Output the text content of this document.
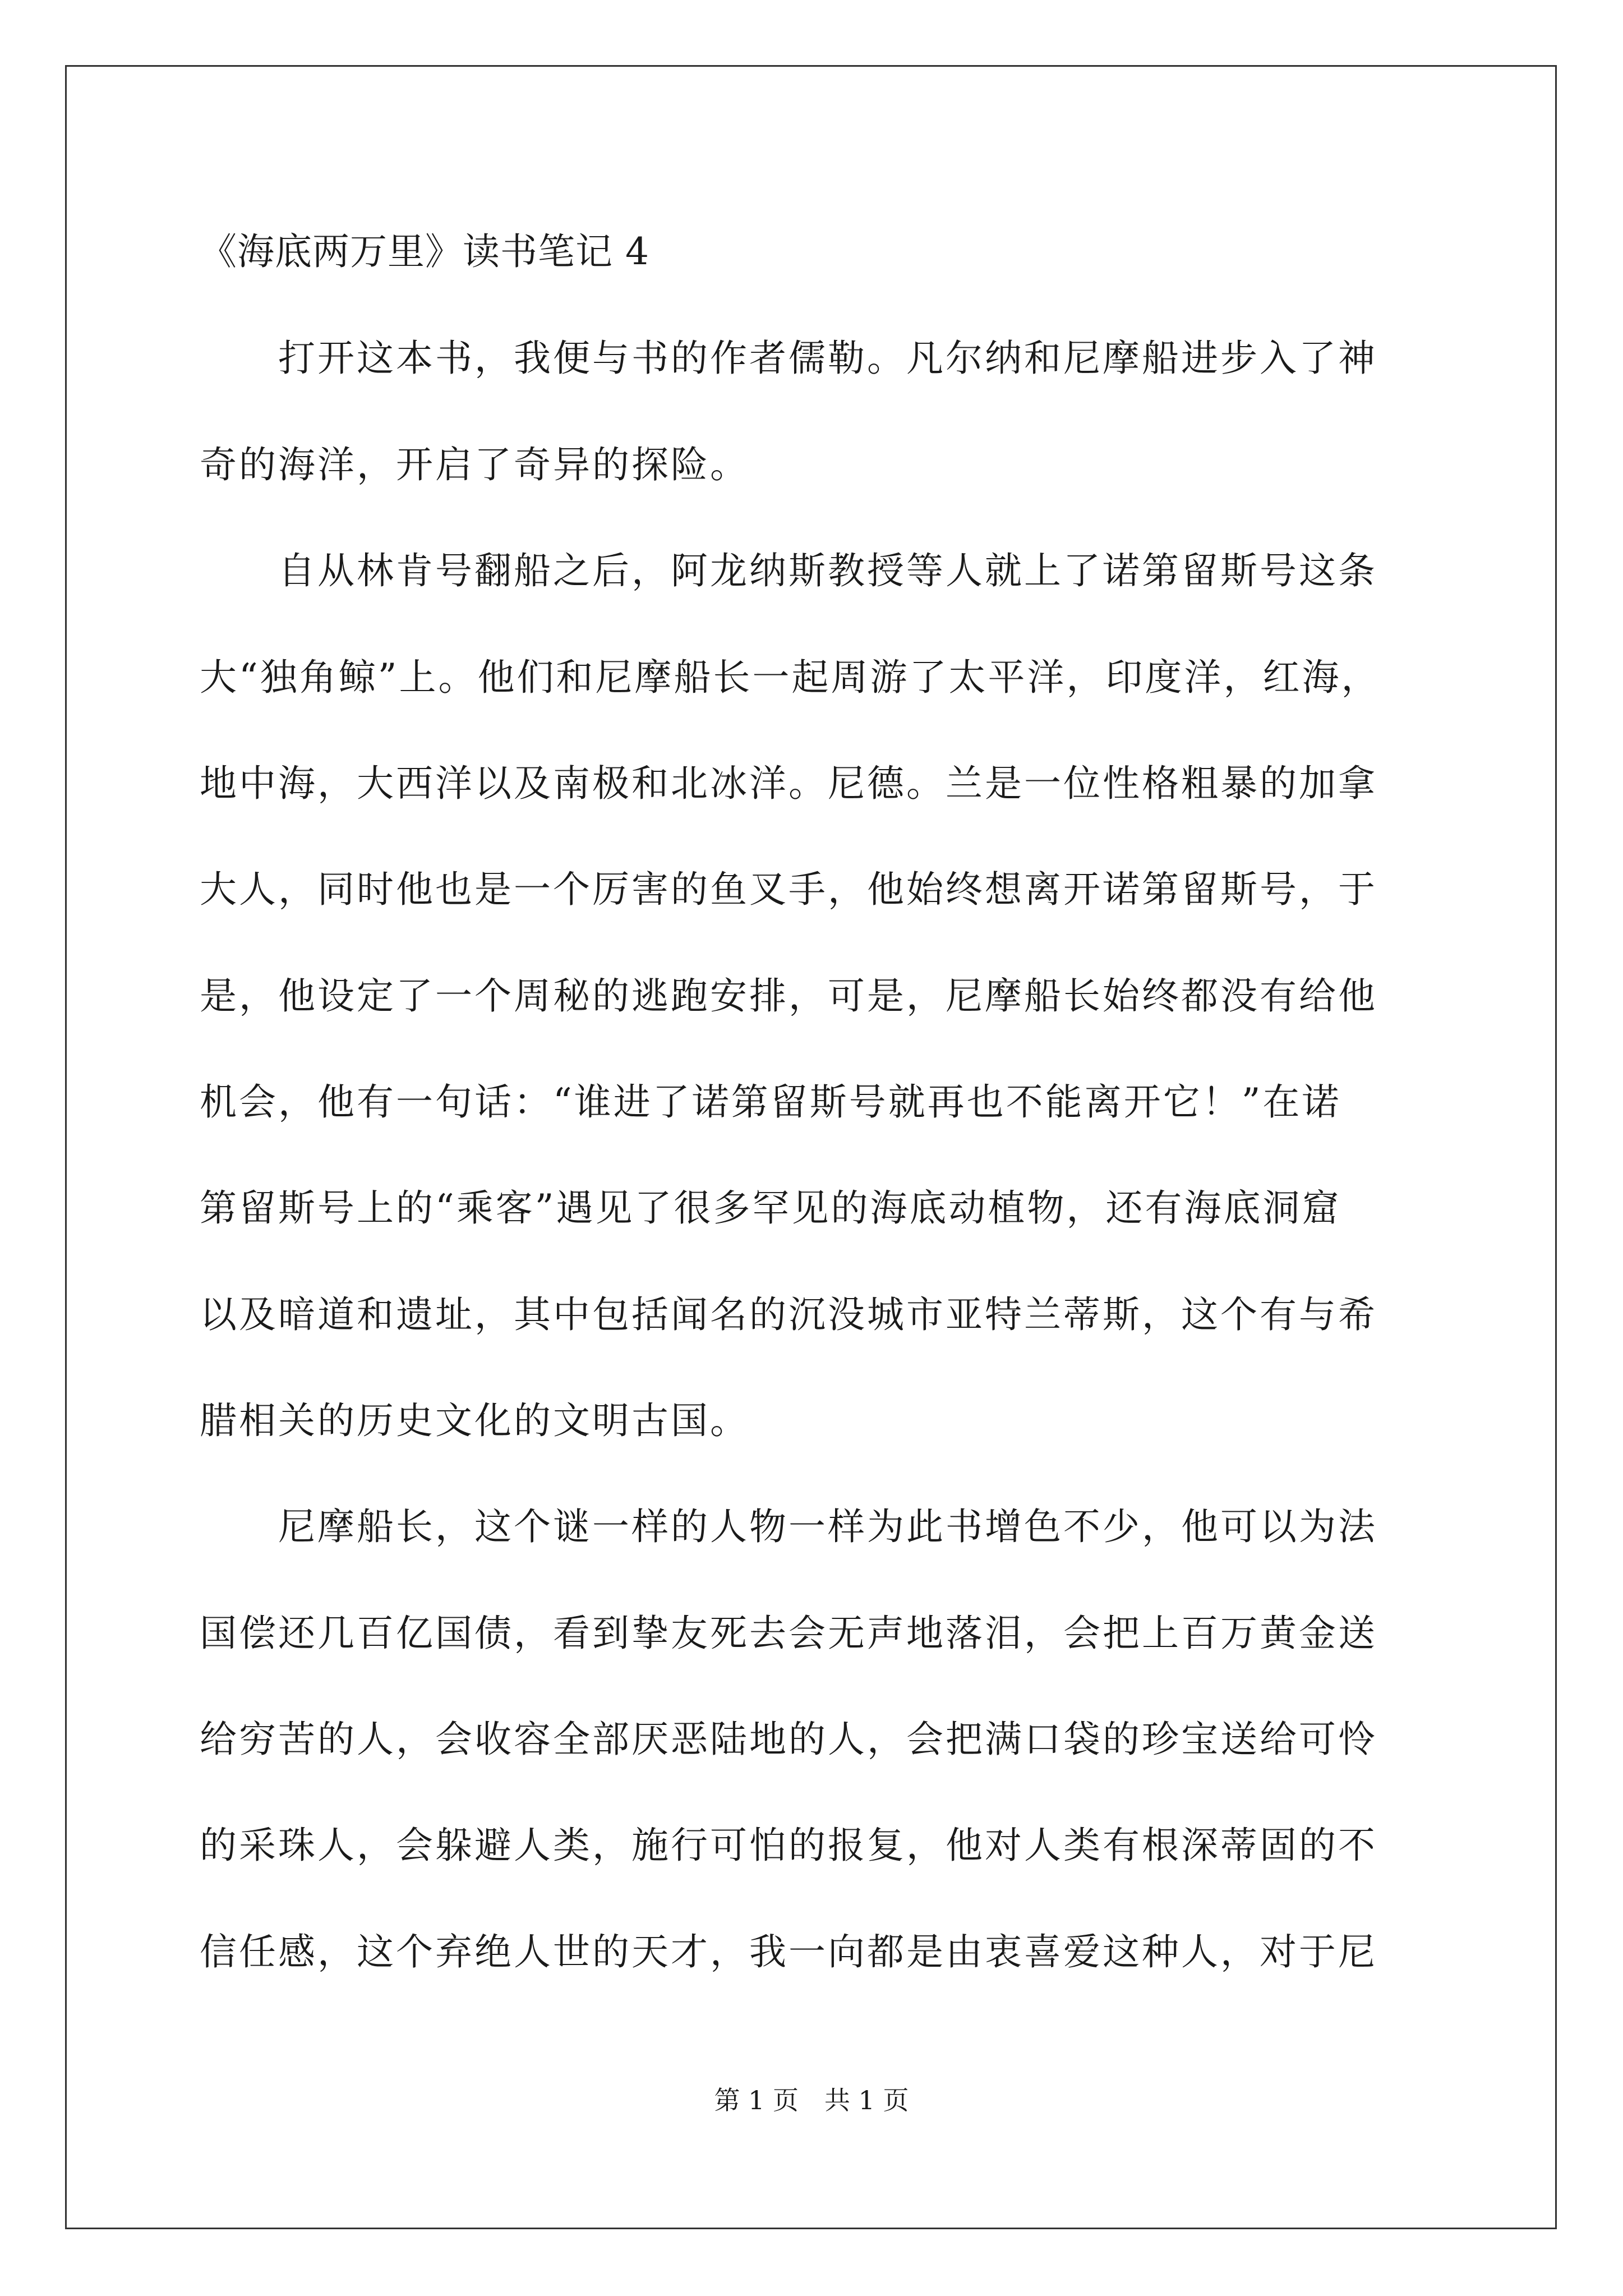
《海底两万里》读书笔记 4
　　打开这本书，我便与书的作者儒勒。凡尔纳和尼摩船进步入了神
奇的海洋，开启了奇异的探险。
　　自从林肯号翻船之后，阿龙纳斯教授等人就上了诺第留斯号这条
大“独角鲸”上。他们和尼摩船长一起周游了太平洋，印度洋，红海，
地中海，大西洋以及南极和北冰洋。尼德。兰是一位性格粗暴的加拿
大人，同时他也是一个厉害的鱼叉手，他始终想离开诺第留斯号，于
是，他设定了一个周秘的逃跑安排，可是，尼摩船长始终都没有给他
机会，他有一句话：“谁进了诺第留斯号就再也不能离开它！”在诺
第留斯号上的“乘客”遇见了很多罕见的海底动植物，还有海底洞窟
以及暗道和遗址，其中包括闻名的沉没城市亚特兰蒂斯，这个有与希
腊相关的历史文化的文明古国。
　　尼摩船长，这个谜一样的人物一样为此书增色不少，他可以为法
国偿还几百亿国债，看到挚友死去会无声地落泪，会把上百万黄金送
给穷苦的人，会收容全部厌恶陆地的人，会把满口袋的珍宝送给可怜
的采珠人，会躲避人类，施行可怕的报复，他对人类有根深蒂固的不
信任感，这个弃绝人世的天才，我一向都是由衷喜爱这种人，对于尼
第 1 页　共 1 页
